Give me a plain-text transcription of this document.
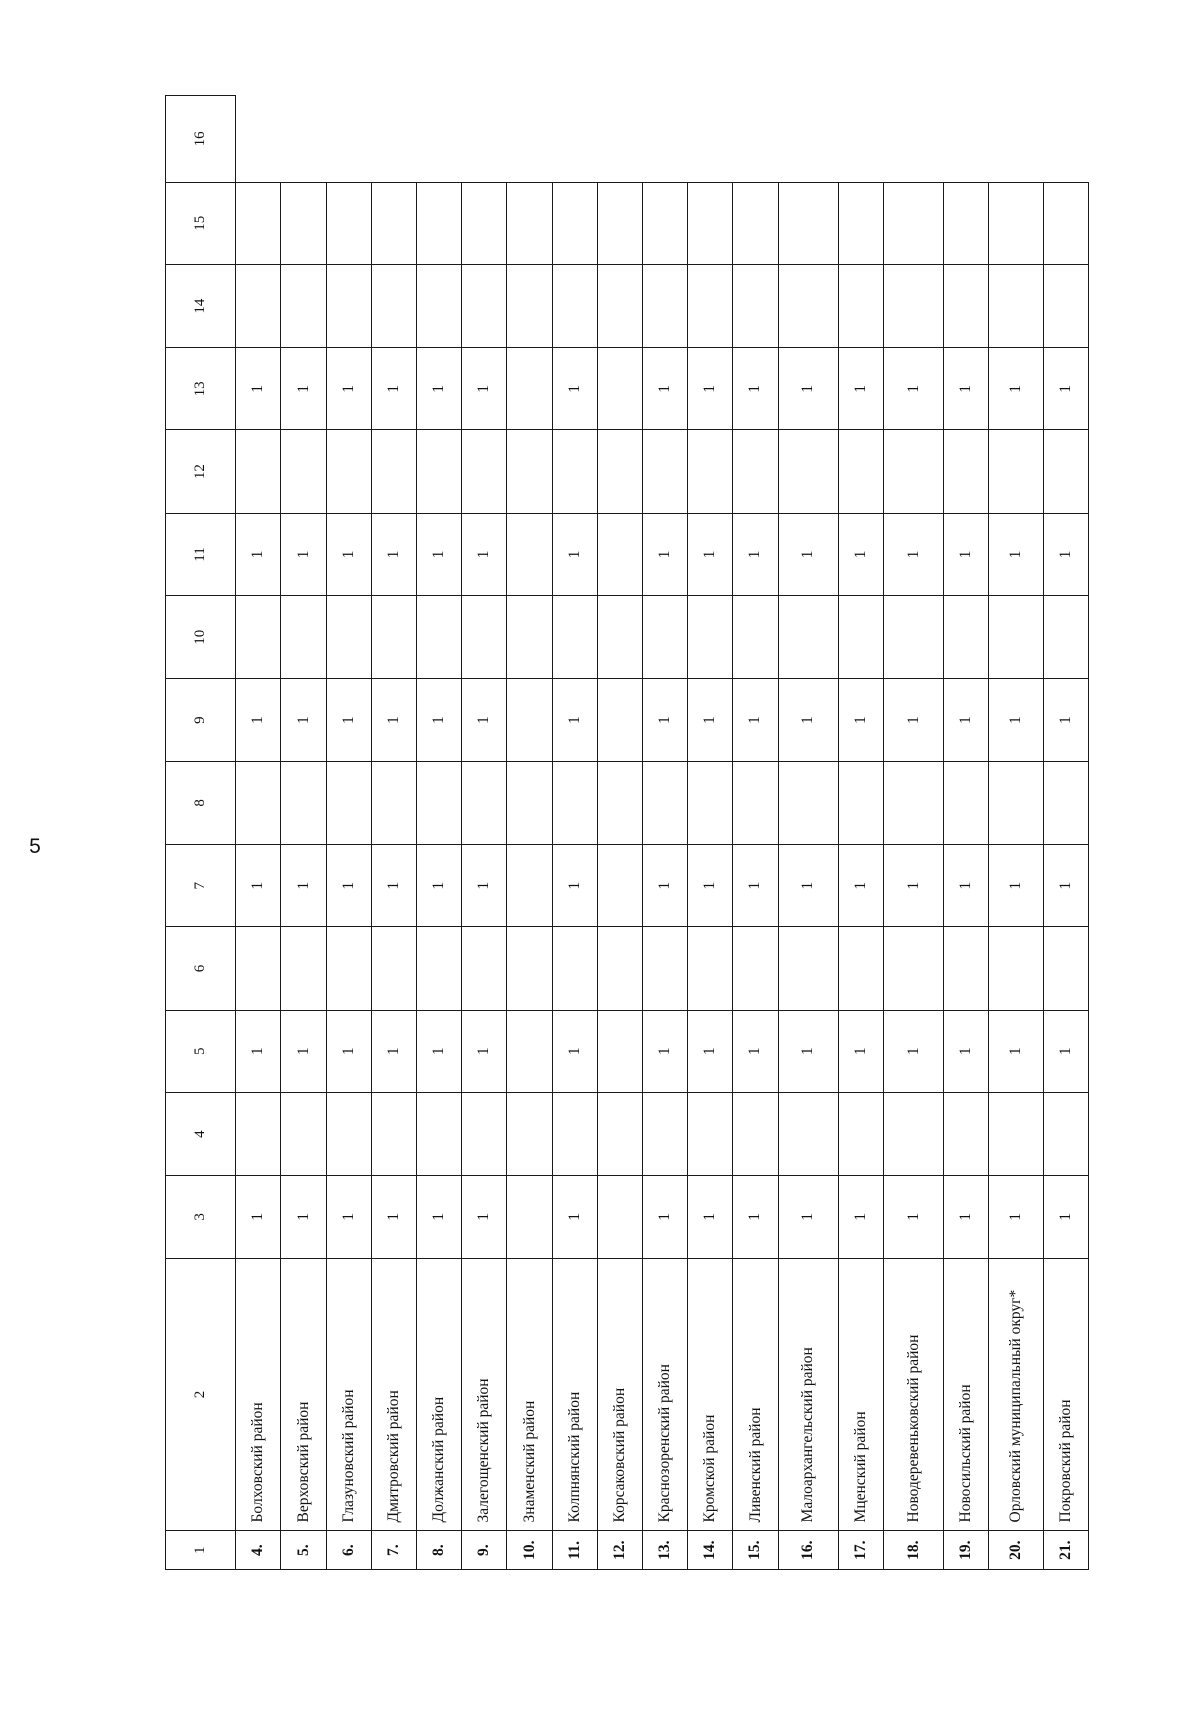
5
1	2	3	4	5	6	7	8	9	10	11	12	13	14	15	16
4.	Болховский район	1		1		1		1		1		1			
5.	Верховский район	1		1		1		1		1		1			
6.	Глазуновский район	1		1		1		1		1		1			
7.	Дмитровский район	1		1		1		1		1		1			
8.	Должанский район	1		1		1		1		1		1			
9.	Залегощенский район	1		1		1		1		1		1			
10.	Знаменский район														
11.	Колпнянский район	1		1		1		1		1		1			
12.	Корсаковский район														
13.	Краснозоренский район	1		1		1		1		1		1			
14.	Кромской район	1		1		1		1		1		1			
15.	Ливенский район	1		1		1		1		1		1			
16.	Малоархангельский район	1		1		1		1		1		1			
17.	Мценский район	1		1		1		1		1		1			
18.	Новодеревеньковский район	1		1		1		1		1		1			
19.	Новосильский район	1		1		1		1		1		1			
20.	Орловский муниципальный округ*	1		1		1		1		1		1			
21.	Покровский район	1		1		1		1		1		1			
